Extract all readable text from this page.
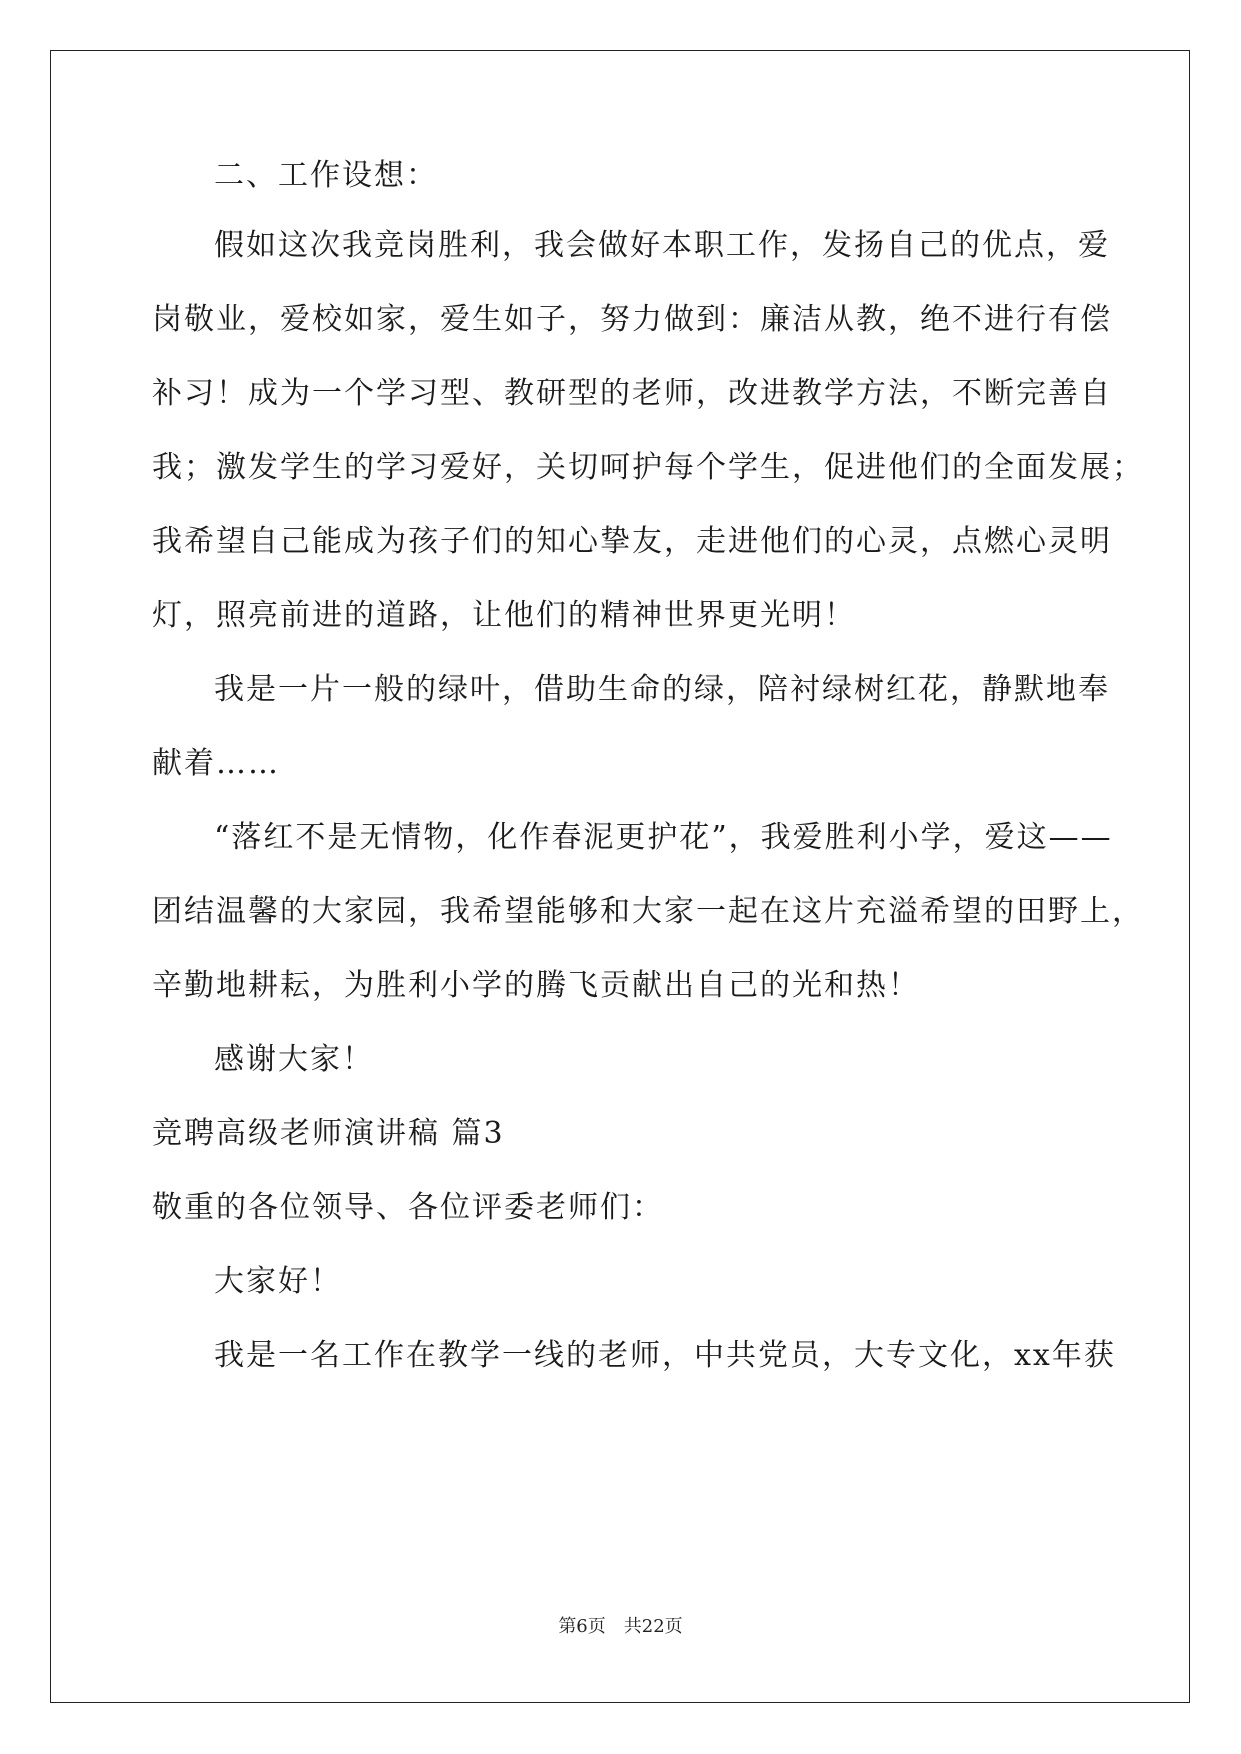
二、工作设想：

假如这次我竞岗胜利，我会做好本职工作，发扬自己的优点，爱

岗敬业，爱校如家，爱生如子，努力做到：廉洁从教，绝不进行有偿

补习！成为一个学习型、教研型的老师，改进教学方法，不断完善自

我；激发学生的学习爱好，关切呵护每个学生，促进他们的全面发展；

我希望自己能成为孩子们的知心挚友，走进他们的心灵，点燃心灵明

灯，照亮前进的道路，让他们的精神世界更光明！

我是一片一般的绿叶，借助生命的绿，陪衬绿树红花，静默地奉

献着……

“落红不是无情物，化作春泥更护花”，我爱胜利小学，爱这——

团结温馨的大家园，我希望能够和大家一起在这片充溢希望的田野上，

辛勤地耕耘，为胜利小学的腾飞贡献出自己的光和热！

感谢大家！

竞聘高级老师演讲稿 篇3

敬重的各位领导、各位评委老师们：

大家好！

我是一名工作在教学一线的老师，中共党员，大专文化，xx年获

第6页　共22页
